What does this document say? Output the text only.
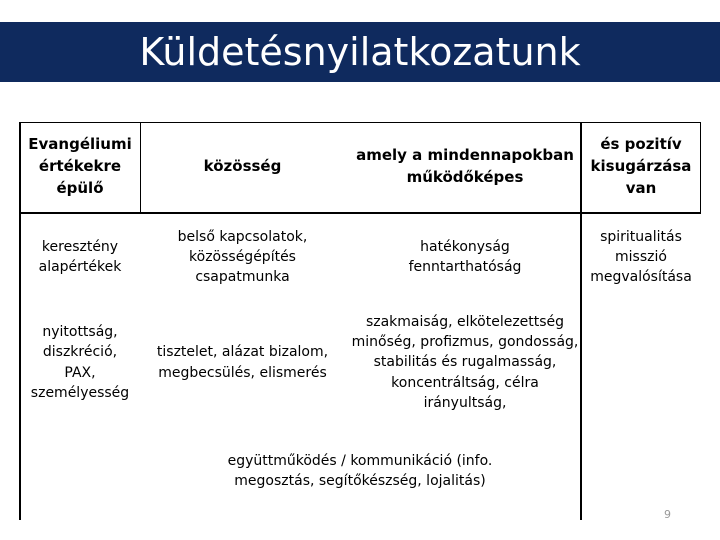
Küldetésnyilatkozatunk
Evangéliumi értékekre épülő
közösség
amely a mindennapokban működőképes
és pozitív kisugárzása van
keresztény alapértékek
belső kapcsolatok, közösségépítés csapatmunka
hatékonyság fenntarthatóság
spiritualitás misszió megvalósítása
nyitottság, diszkréció, PAX, személyesség
tisztelet, alázat bizalom, megbecsülés, elismerés
szakmaiság, elkötelezettség minőség, profizmus, gondosság, stabilitás és rugalmasság, koncentráltság, célra irányultság,
együttműködés / kommunikáció (info. megosztás, segítőkészség, lojalitás)
9
